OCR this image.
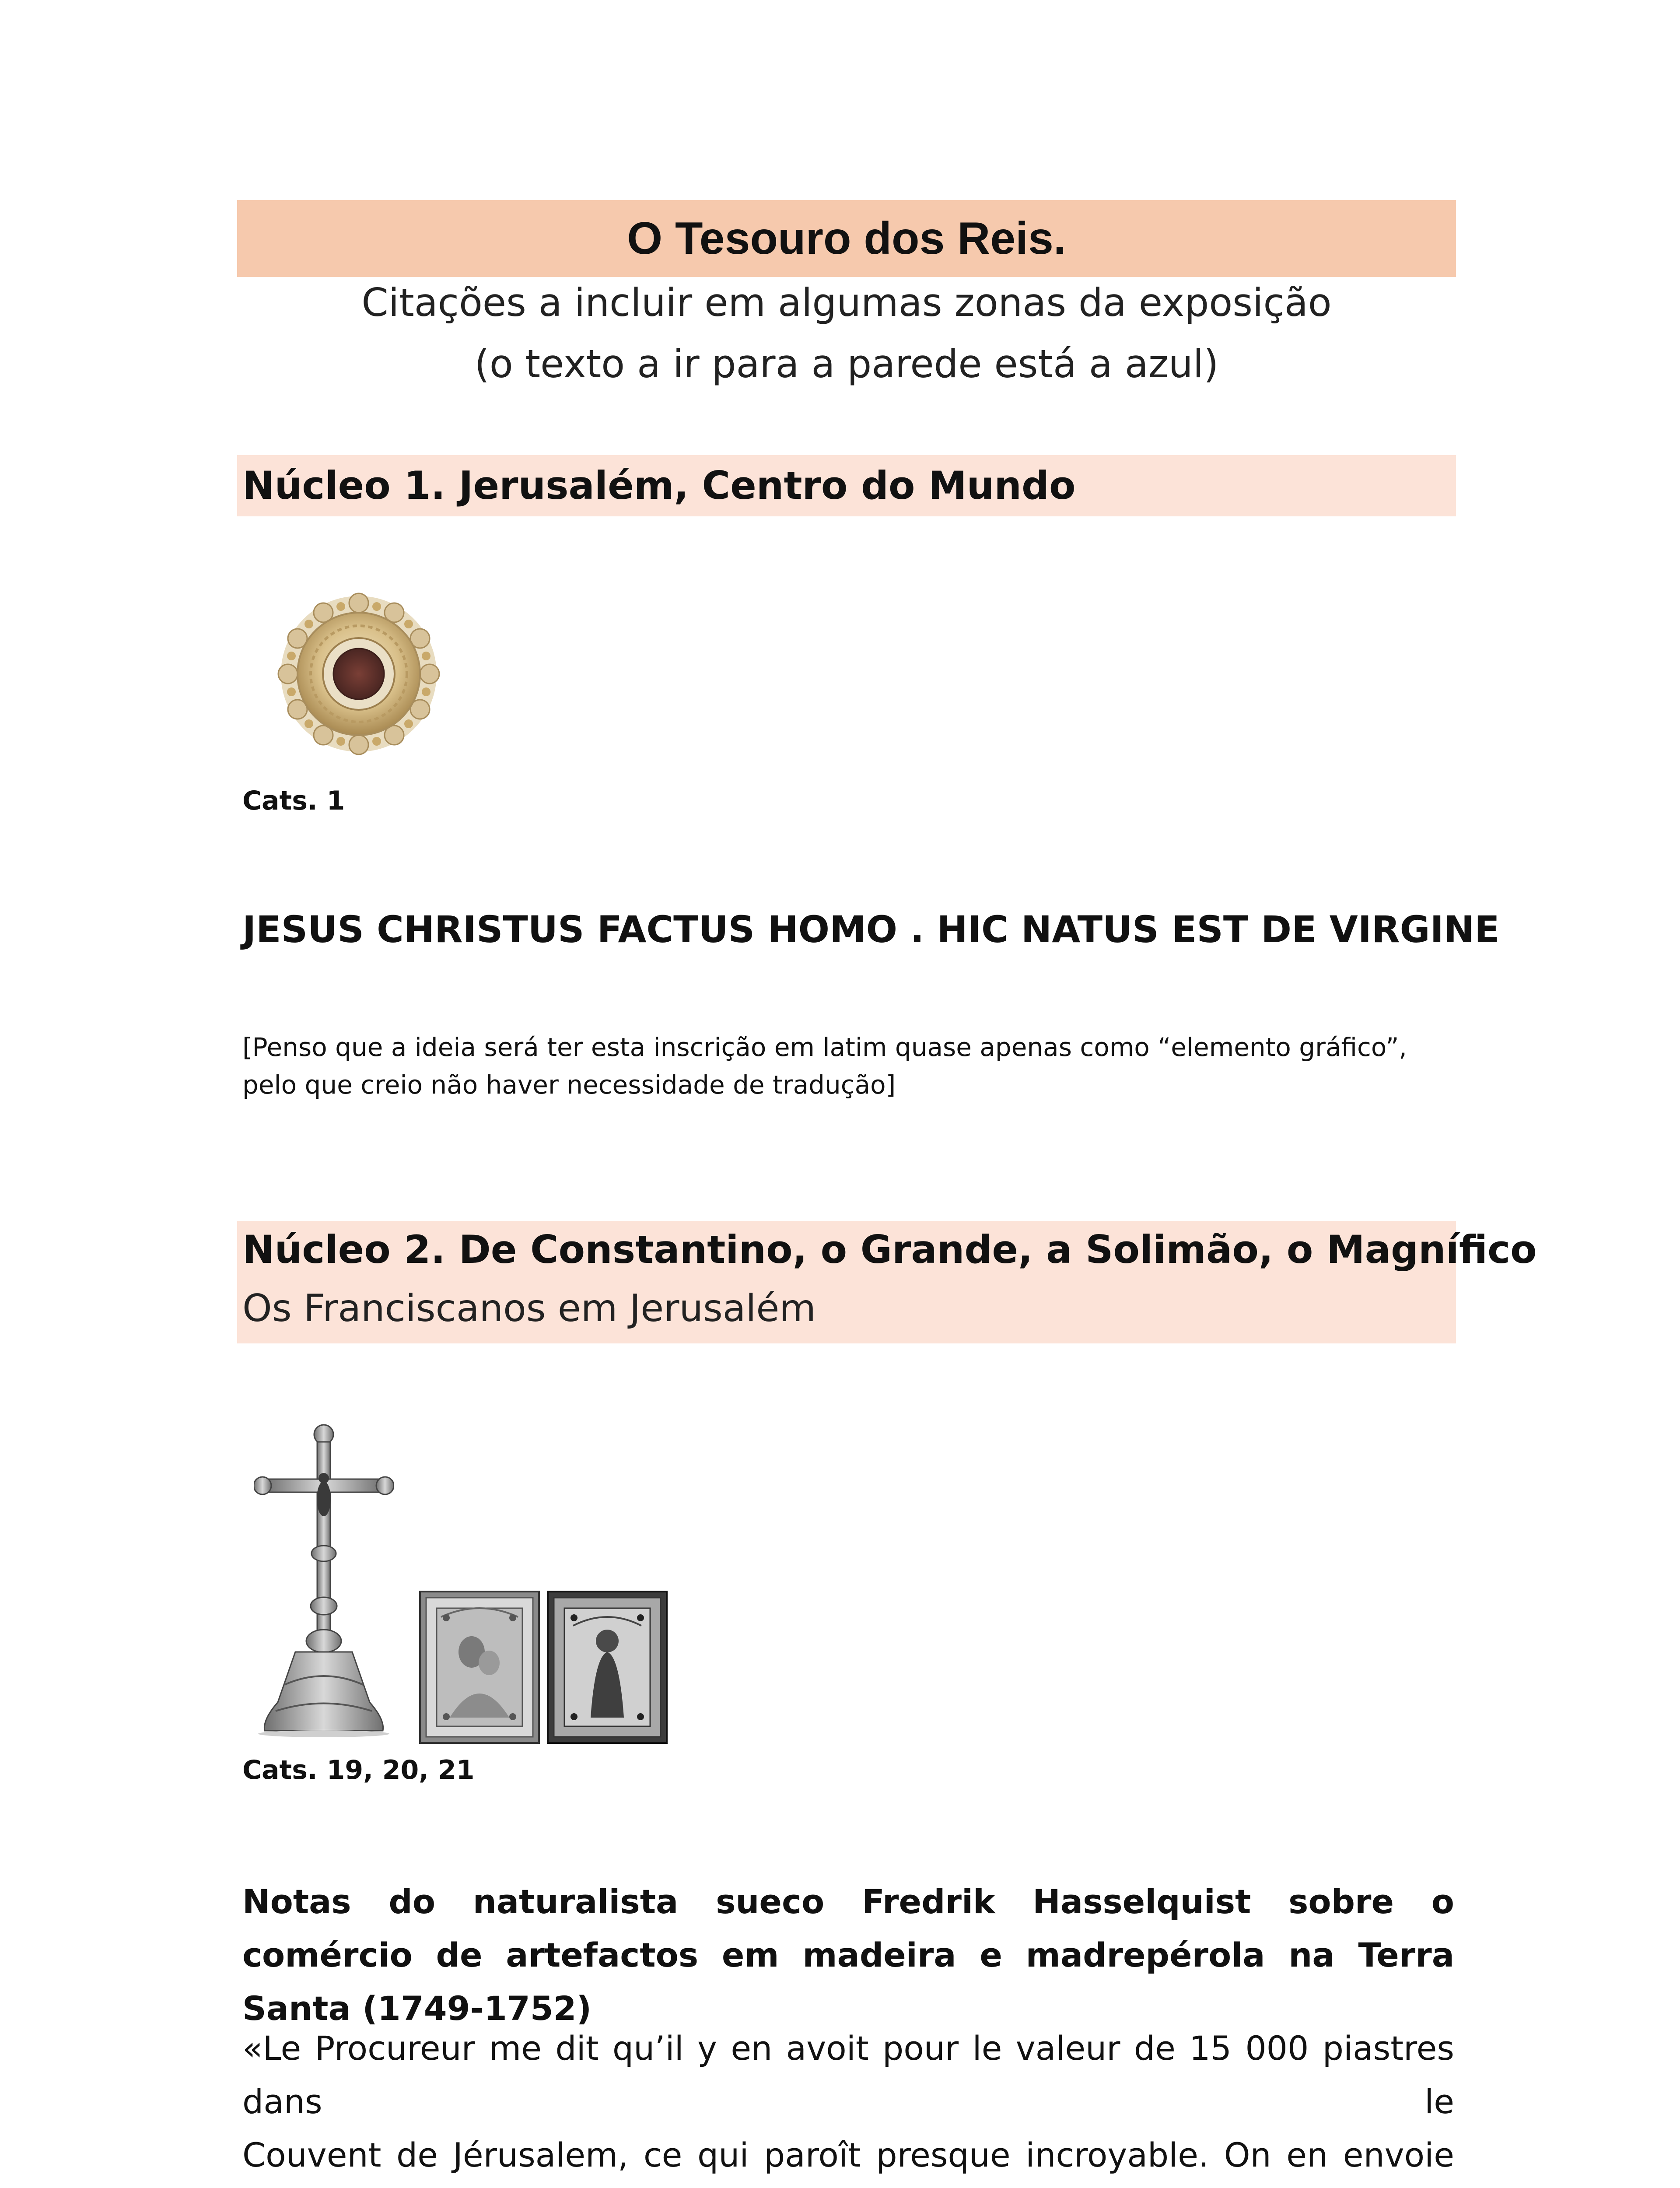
O Tesouro dos Reis.
Citações a incluir em algumas zonas da exposição
(o texto a ir para a parede está a azul)
Núcleo 1. Jerusalém, Centro do Mundo
Cats. 1
JESUS CHRISTUS FACTUS HOMO . HIC NATUS EST DE VIRGINE
[Penso que a ideia será ter esta inscrição em latim quase apenas como “elemento gráfico”, pelo que creio não haver necessidade de tradução]
Núcleo 2. De Constantino, o Grande, a Solimão, o Magnífico
Os Franciscanos em Jerusalém
Cats. 19, 20, 21
Notas do naturalista sueco Fredrik Hasselquist sobre o comércio de artefactos em madeira e madrepérola na Terra Santa (1749-1752)
«Le Procureur me dit qu’il y en avoit pour le valeur de 15 000 piastres dans le
Couvent de Jérusalem, ce qui paroît presque incroyable. On en envoie
